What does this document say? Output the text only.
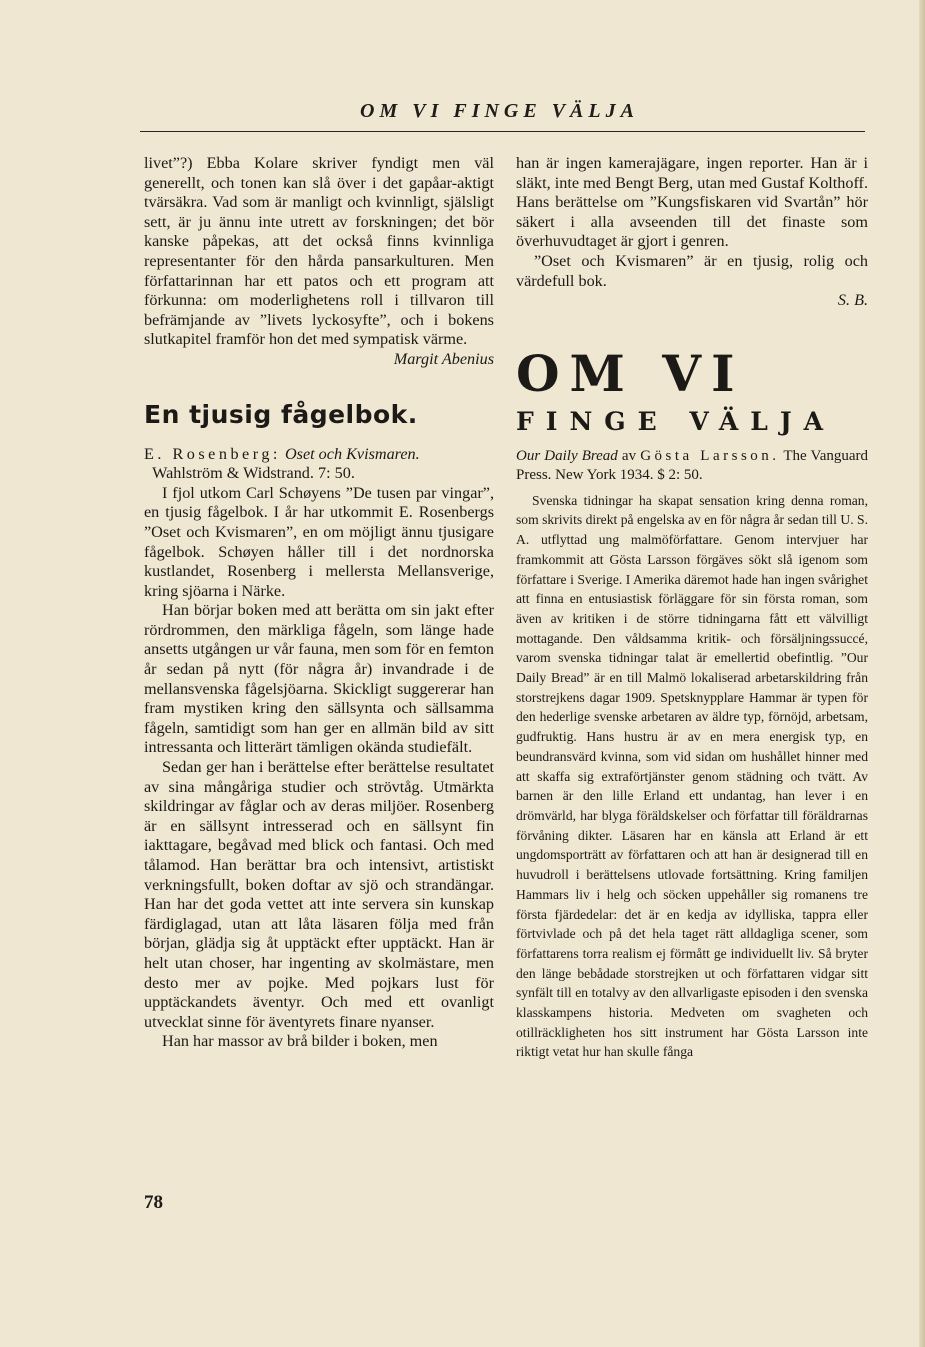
OM VI FINGE VÄLJA

livet”?) Ebba Kolare skriver fyndigt men väl generellt, och tonen kan slå över i det gapåar-aktigt tvärsäkra. Vad som är manligt och kvinnligt, själsligt sett, är ju ännu inte utrett av forskningen; det bör kanske påpekas, att det också finns kvinnliga representanter för den hårda pansarkulturen. Men författarinnan har ett patos och ett program att förkunna: om moderlighetens roll i tillvaron till befrämjande av ”livets lyckosyfte”, och i bokens slutkapitel framför hon det med sympatisk värme.

Margit Abenius
En tjusig fågelbok.

E. Rosenberg: Oset och Kvismaren.
Wahlström & Widstrand. 7: 50.

I fjol utkom Carl Schøyens ”De tusen par vingar”, en tjusig fågelbok. I år har utkommit E. Rosenbergs ”Oset och Kvismaren”, en om möjligt ännu tjusigare fågelbok. Schøyen håller till i det nordnorska kustlandet, Rosenberg i mellersta Mellansverige, kring sjöarna i Närke.

Han börjar boken med att berätta om sin jakt efter rördrommen, den märkliga fågeln, som länge hade ansetts utgången ur vår fauna, men som för en femton år sedan på nytt (för några år) invandrade i de mellansvenska fågelsjöarna. Skickligt suggererar han fram mystiken kring den sällsynta och sällsamma fågeln, samtidigt som han ger en allmän bild av sitt intressanta och litterärt tämligen okända studiefält.

Sedan ger han i berättelse efter berättelse resultatet av sina mångåriga studier och strövtåg. Utmärkta skildringar av fåglar och av deras miljöer. Rosenberg är en sällsynt intresserad och en sällsynt fin iakttagare, begåvad med blick och fantasi. Och med tålamod. Han berättar bra och intensivt, artistiskt verkningsfullt, boken doftar av sjö och strandängar. Han har det goda vettet att inte servera sin kunskap färdiglagad, utan att låta läsaren följa med från början, glädja sig åt upptäckt efter upptäckt. Han är helt utan choser, har ingenting av skolmästare, men desto mer av pojke. Med pojkars lust för upptäckandets äventyr. Och med ett ovanligt utvecklat sinne för äventyrets finare nyanser.

Han har massor av brå bilder i boken, men

han är ingen kamerajägare, ingen reporter. Han är i släkt, inte med Bengt Berg, utan med Gustaf Kolthoff. Hans berättelse om ”Kungsfiskaren vid Svartån” hör säkert i alla avseenden till det finaste som överhuvudtaget är gjort i genren.

”Oset och Kvismaren” är en tjusig, rolig och värdefull bok.
S. B.
OM VI
FINGE VÄLJA

Our Daily Bread av Gösta Larsson. The Vanguard Press. New York 1934. $ 2: 50.

Svenska tidningar ha skapat sensation kring denna roman, som skrivits direkt på engelska av en för några år sedan till U. S. A. utflyttad ung malmöförfattare. Genom intervjuer har framkommit att Gösta Larsson förgäves sökt slå igenom som författare i Sverige. I Amerika däremot hade han ingen svårighet att finna en entusiastisk förläggare för sin första roman, som även av kritiken i de större tidningarna fått ett välvilligt mottagande. Den våldsamma kritik- och försäljningssuccé, varom svenska tidningar talat är emellertid obefintlig. ”Our Daily Bread” är en till Malmö lokaliserad arbetarskildring från storstrejkens dagar 1909. Spetsknypplare Hammar är typen för den hederlige svenske arbetaren av äldre typ, förnöjd, arbetsam, gudfruktig. Hans hustru är av en mera energisk typ, en beundransvärd kvinna, som vid sidan om hushållet hinner med att skaffa sig extraförtjänster genom städning och tvätt. Av barnen är den lille Erland ett undantag, han lever i en drömvärld, har blyga föräldskelser och författar till föräldrarnas förvåning dikter. Läsaren har en känsla att Erland är ett ungdomsporträtt av författaren och att han är designerad till en huvudroll i berättelsens utlovade fortsättning. Kring familjen Hammars liv i helg och söcken uppehåller sig romanens tre första fjärdedelar: det är en kedja av idylliska, tappra eller förtvivlade och på det hela taget rätt alldagliga scener, som författarens torra realism ej förmått ge individuellt liv. Så bryter den länge bebådade storstrejken ut och författaren vidgar sitt synfält till en totalvy av den allvarligaste episoden i den svenska klasskampens historia. Medveten om svagheten och otillräckligheten hos sitt instrument har Gösta Larsson inte riktigt vetat hur han skulle fånga

78
